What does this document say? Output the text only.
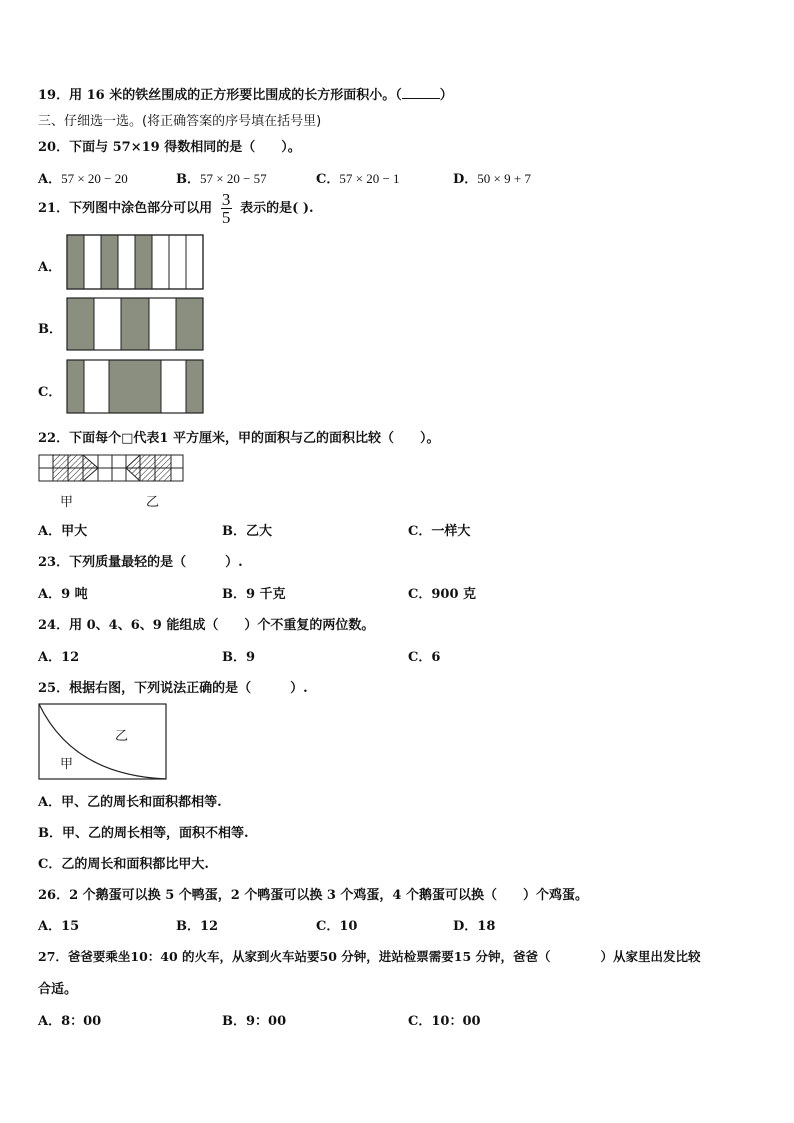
19．用 16 米的铁丝围成的正方形要比围成的长方形面积小。（	）
三、仔细选一选。(将正确答案的序号填在括号里)
20．下面与 57×19 得数相同的是（　　）。
A．57 × 20 − 20	B．57 × 20 − 57	C．57 × 20 − 1	D．50 × 9 + 7
21．下列图中涂色部分可以用 $\frac{3}{5}$ 表示的是( ).
A．
B．
C．
22．下面每个□代表1 平方厘米，甲的面积与乙的面积比较（　　）。
甲	乙
A．甲大	B．乙大	C．一样大
23．下列质量最轻的是（　　　）.
A．9 吨	B．9 千克	C．900 克
24．用 0、4、6、9 能组成（　　）个不重复的两位数。
A．12	B．9	C．6
25．根据右图，下列说法正确的是（　　　）.
乙
甲
A．甲、乙的周长和面积都相等.
B．甲、乙的周长相等，面积不相等.
C．乙的周长和面积都比甲大.
26．2 个鹅蛋可以换 5 个鸭蛋，2 个鸭蛋可以换 3 个鸡蛋，4 个鹅蛋可以换（　　）个鸡蛋。
A．15	B．12	C．10	D．18
27．爸爸要乘坐10：40 的火车，从家到火车站要50 分钟，进站检票需要15 分钟，爸爸（　　　　）从家里出发比较
合适。
A．8：00	B．9：00	C．10：00
